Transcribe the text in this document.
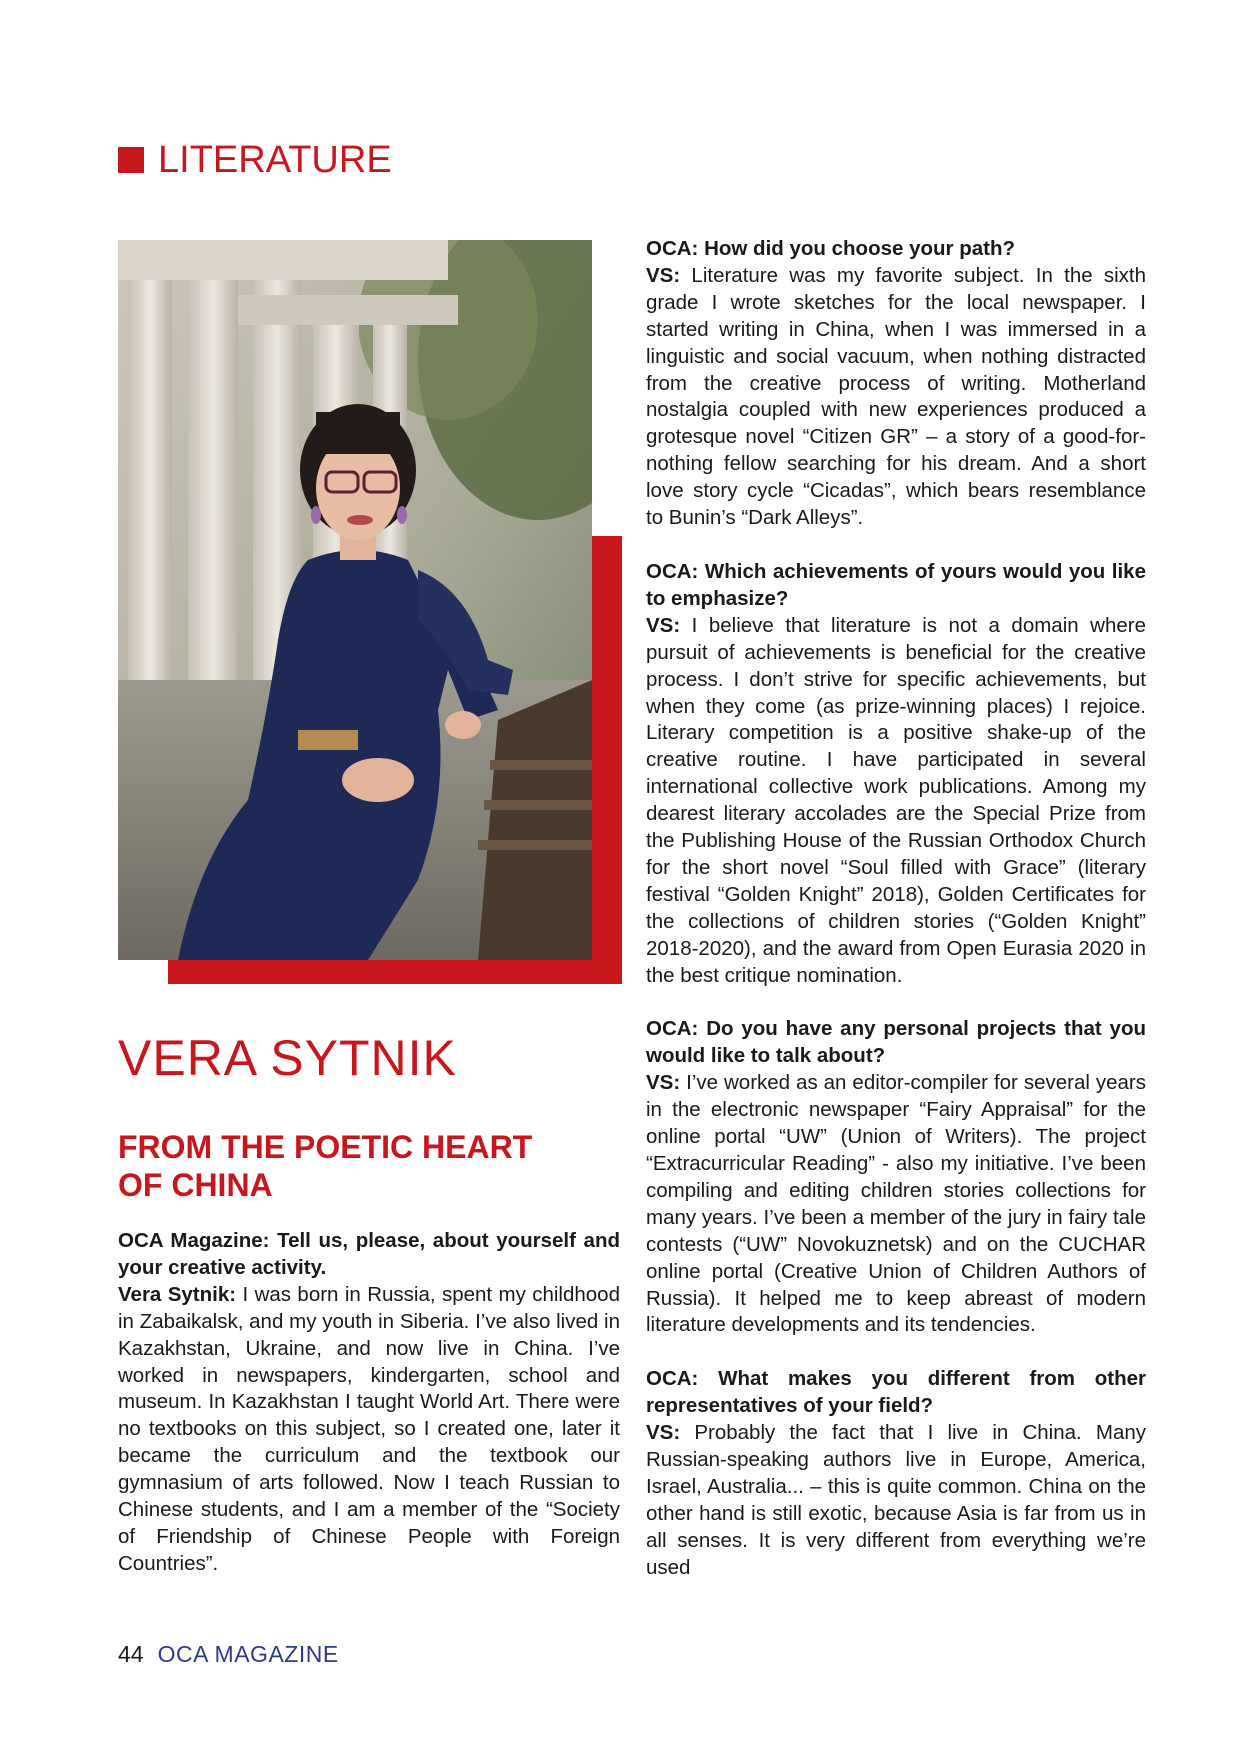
LITERATURE
VERA SYTNIK
FROM THE POETIC HEART
OF CHINA

OCA Magazine: Tell us, please, about yourself and your creative activity.
Vera Sytnik: I was born in Russia, spent my childhood in Zabaikalsk, and my youth in Siberia. I’ve also lived in Kazakhstan, Ukraine, and now live in China. I’ve worked in newspapers, kindergarten, school and museum. In Kazakhstan I taught World Art. There were no textbooks on this subject, so I created one, later it became the curriculum and the textbook our gymnasium of arts followed. Now I teach Russian to Chinese students, and I am a member of the “Society of Friendship of Chinese People with Foreign Countries”.

OCA: How did you choose your path?
VS: Literature was my favorite subject. In the sixth grade I wrote sketches for the local newspaper. I started writing in China, when I was immersed in a linguistic and social vacuum, when nothing distracted from the creative process of writing. Motherland nostalgia coupled with new experiences produced a grotesque novel “Citizen GR” – a story of a good-for-nothing fellow searching for his dream. And a short love story cycle “Cicadas”, which bears resemblance to Bunin’s “Dark Alleys”.

OCA: Which achievements of yours would you like to emphasize?
VS: I believe that literature is not a domain where pursuit of achievements is beneficial for the creative process. I don’t strive for specific achievements, but when they come (as prize-winning places) I rejoice. Literary competition is a positive shake-up of the creative routine. I have participated in several international collective work publications. Among my dearest literary accolades are the Special Prize from the Publishing House of the Russian Orthodox Church for the short novel “Soul filled with Grace” (literary festival “Golden Knight” 2018), Golden Certificates for the collections of children stories (“Golden Knight” 2018-2020), and the award from Open Eurasia 2020 in the best critique nomination.

OCA: Do you have any personal projects that you would like to talk about?
VS: I’ve worked as an editor-compiler for several years in the electronic newspaper “Fairy Appraisal” for the online portal “UW” (Union of Writers). The project “Extracurricular Reading” - also my initiative. I’ve been compiling and editing children stories collections for many years. I’ve been a member of the jury in fairy tale contests (“UW” Novokuznetsk) and on the CUCHAR online portal (Creative Union of Children Authors of Russia). It helped me to keep abreast of modern literature developments and its tendencies.

OCA: What makes you different from other representatives of your field?
VS: Probably the fact that I live in China. Many Russian-speaking authors live in Europe, America, Israel, Australia... – this is quite common. China on the other hand is still exotic, because Asia is far from us in all senses. It is very different from everything we’re used

44 OCA MAGAZINE
